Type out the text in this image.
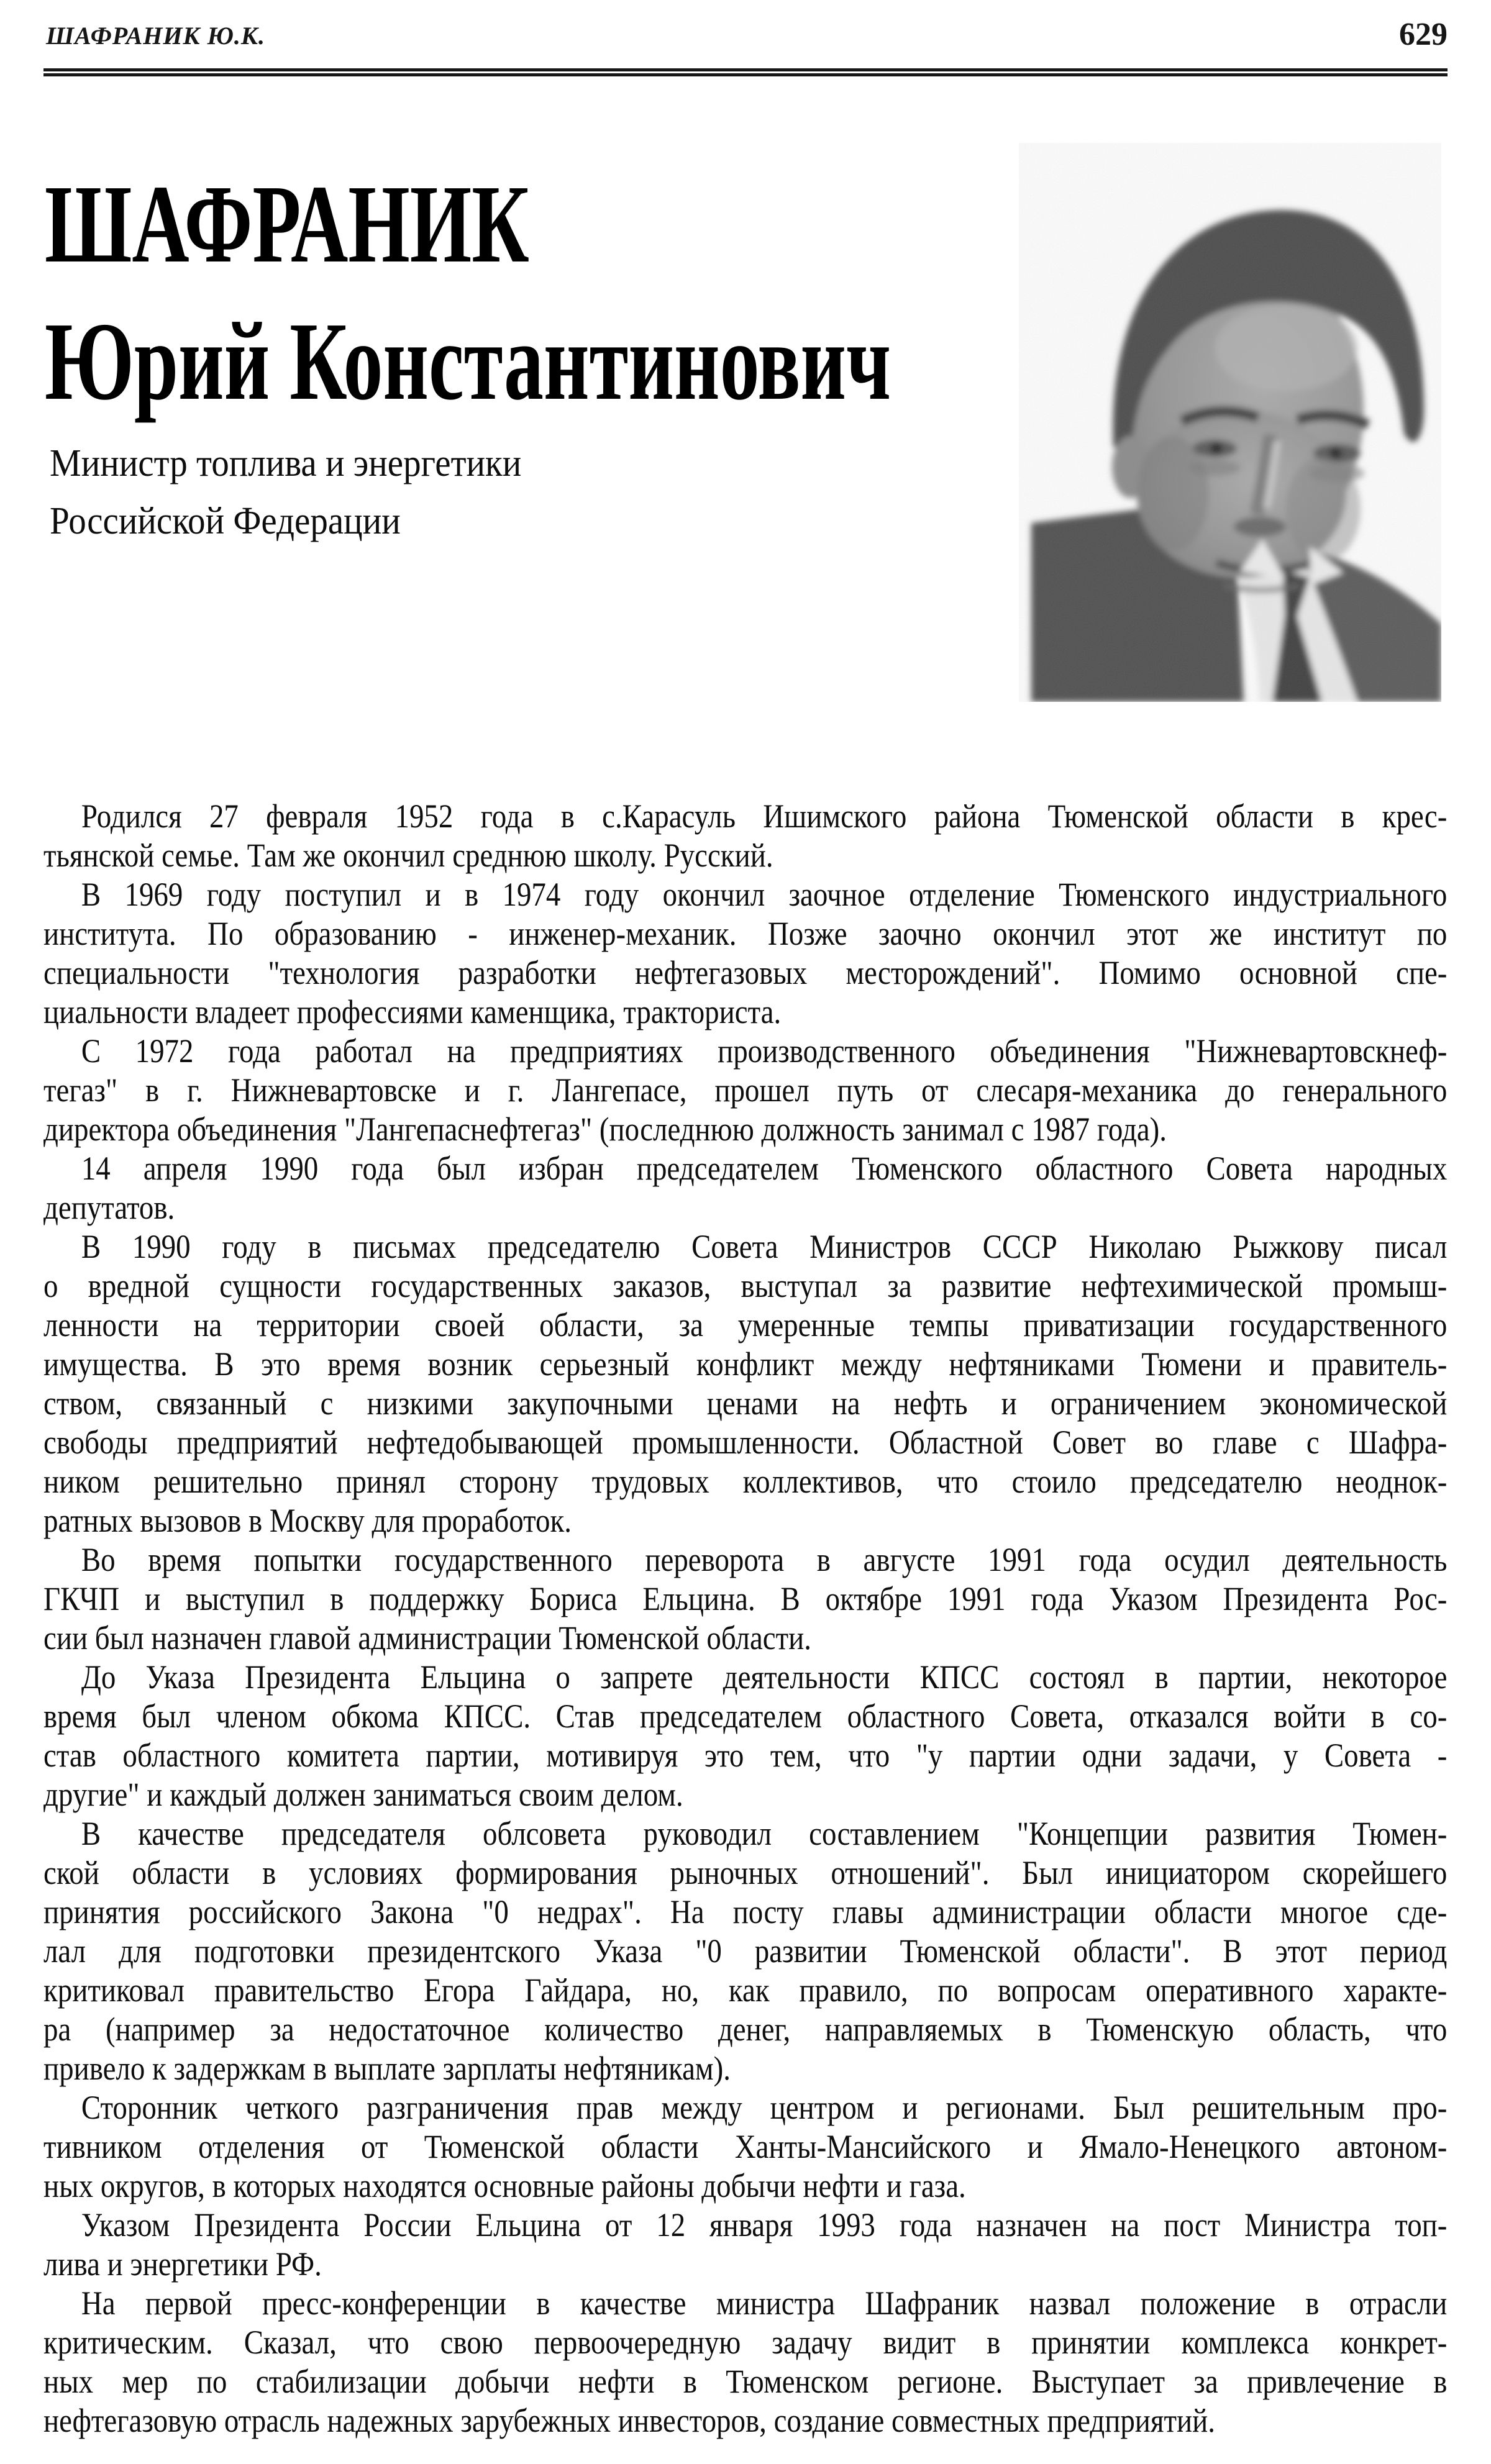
ШАФРАНИК Ю.К.	629
ШАФРАНИК
Юрий Константинович
Министр топлива и энергетики
Российской Федерации
Родился 27 февраля 1952 года в с.Карасуль Ишимского района Тюменской области в крес-
тьянской семье. Там же окончил среднюю школу. Русский.
В 1969 году поступил и в 1974 году окончил заочное отделение Тюменского индустриального
института. По образованию - инженер-механик. Позже заочно окончил этот же институт по
специальности "технология разработки нефтегазовых месторождений". Помимо основной спе-
циальности владеет профессиями каменщика, тракториста.
С 1972 года работал на предприятиях производственного объединения "Нижневартовскнеф-
тегаз" в г. Нижневартовске и г. Лангепасе, прошел путь от слесаря-механика до генерального
директора объединения "Лангепаснефтегаз" (последнюю должность занимал с 1987 года).
14 апреля 1990 года был избран председателем Тюменского областного Совета народных
депутатов.
В 1990 году в письмах председателю Совета Министров СССР Николаю Рыжкову писал
о вредной сущности государственных заказов, выступал за развитие нефтехимической промыш-
ленности на территории своей области, за умеренные темпы приватизации государственного
имущества. В это время возник серьезный конфликт между нефтяниками Тюмени и правитель-
ством, связанный с низкими закупочными ценами на нефть и ограничением экономической
свободы предприятий нефтедобывающей промышленности. Областной Совет во главе с Шафра-
ником решительно принял сторону трудовых коллективов, что стоило председателю неоднок-
ратных вызовов в Москву для проработок.
Во время попытки государственного переворота в августе 1991 года осудил деятельность
ГКЧП и выступил в поддержку Бориса Ельцина. В октябре 1991 года Указом Президента Рос-
сии был назначен главой администрации Тюменской области.
До Указа Президента Ельцина о запрете деятельности КПСС состоял в партии, некоторое
время был членом обкома КПСС. Став председателем областного Совета, отказался войти в со-
став областного комитета партии, мотивируя это тем, что "у партии одни задачи, у Совета -
другие" и каждый должен заниматься своим делом.
В качестве председателя облсовета руководил составлением "Концепции развития Тюмен-
ской области в условиях формирования рыночных отношений". Был инициатором скорейшего
принятия российского Закона "0 недрах". На посту главы администрации области многое сде-
лал для подготовки президентского Указа "0 развитии Тюменской области". В этот период
критиковал правительство Егора Гайдара, но, как правило, по вопросам оперативного характе-
ра (например за недостаточное количество денег, направляемых в Тюменскую область, что
привело к задержкам в выплате зарплаты нефтяникам).
Сторонник четкого разграничения прав между центром и регионами. Был решительным про-
тивником отделения от Тюменской области Ханты-Мансийского и Ямало-Ненецкого автоном-
ных округов, в которых находятся основные районы добычи нефти и газа.
Указом Президента России Ельцина от 12 января 1993 года назначен на пост Министра топ-
лива и энергетики РФ.
На первой пресс-конференции в качестве министра Шафраник назвал положение в отрасли
критическим. Сказал, что свою первоочередную задачу видит в принятии комплекса конкрет-
ных мер по стабилизации добычи нефти в Тюменском регионе. Выступает за привлечение в
нефтегазовую отрасль надежных зарубежных инвесторов, создание совместных предприятий.
